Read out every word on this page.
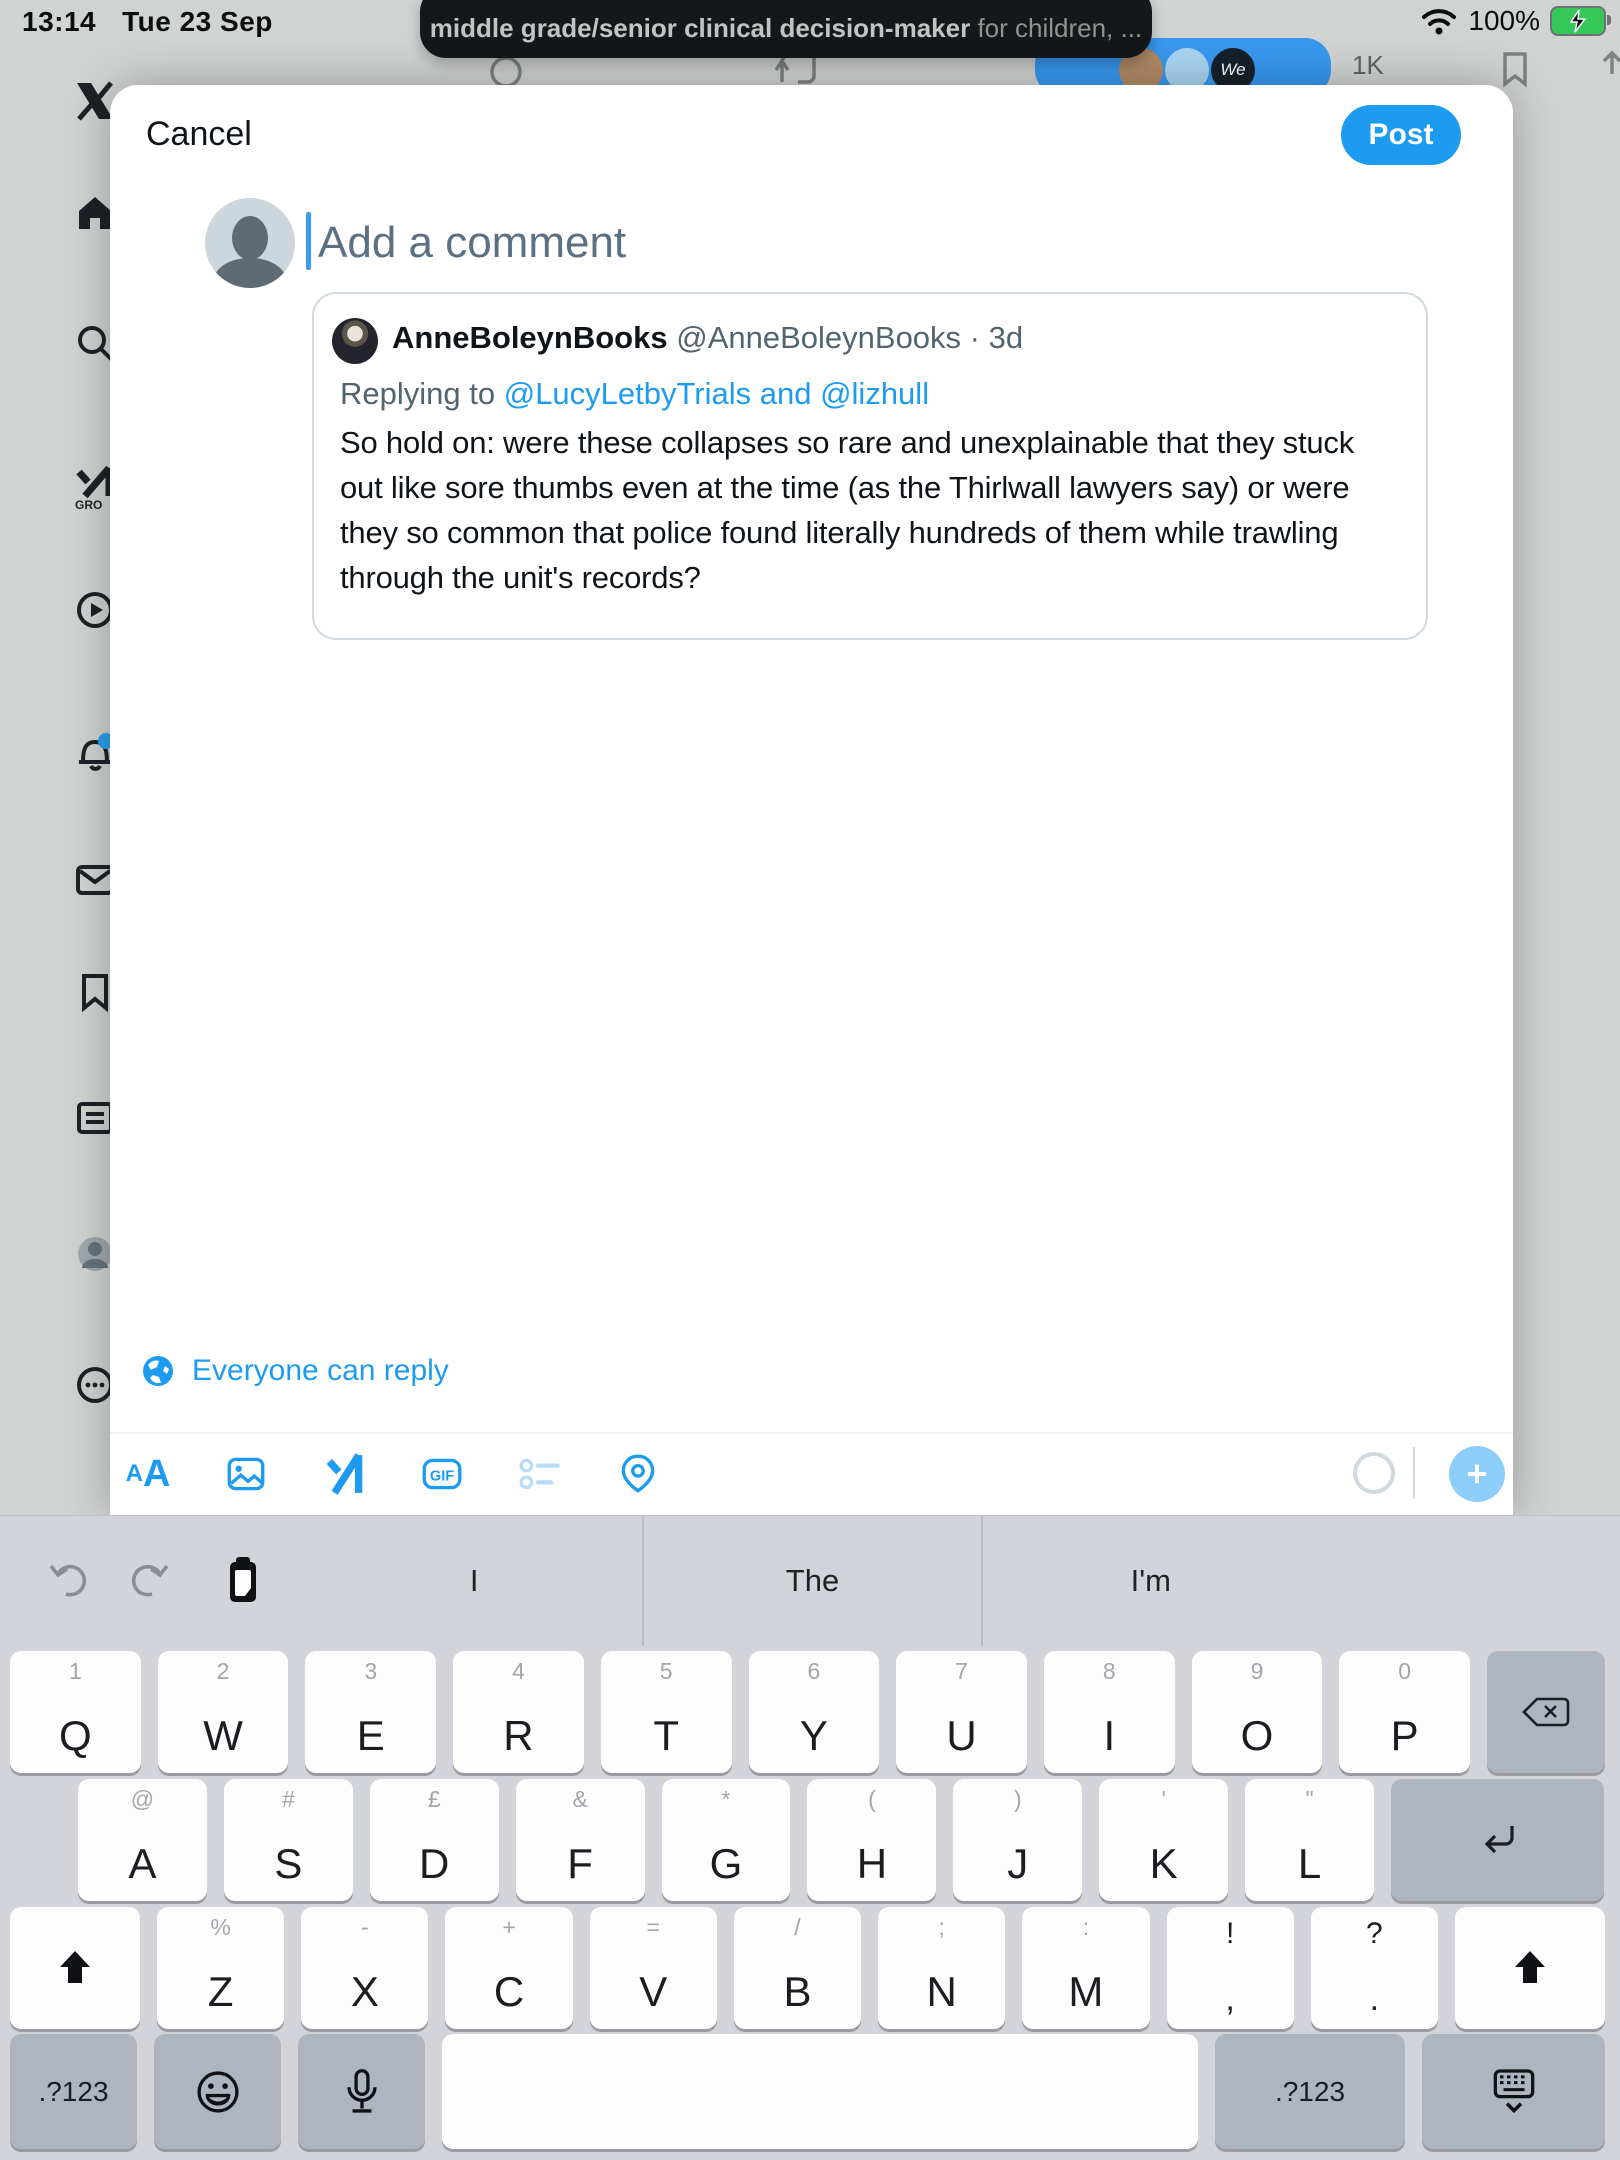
GRO
We	1K
13:14 Tue 23 Sep	100%
middle grade/senior clinical decision-maker for children, ...
Cancel	Post
Add a comment
AnneBoleynBooks @AnneBoleynBooks · 3d
Replying to @LucyLetbyTrials and @lizhull
So hold on: were these collapses so rare and unexplainable that they stuck out like sore thumbs even at the time (as the Thirlwall lawyers say) or were they so common that police found literally hundreds of them while trawling through the unit's records?
Everyone can reply
A A	GIF	+
I	The	I'm
1
Q
2
W
3
E
4
R
5
T
6
Y
7
U
8
I
9
O
0
P
@
A
#
S
£
D
&
F
*
G
(
H
)
J
'
K
"
L
%
Z
-
X
+
C
=
V
/
B
;
N
:
M
!
,
?
.
.?123	.?123
